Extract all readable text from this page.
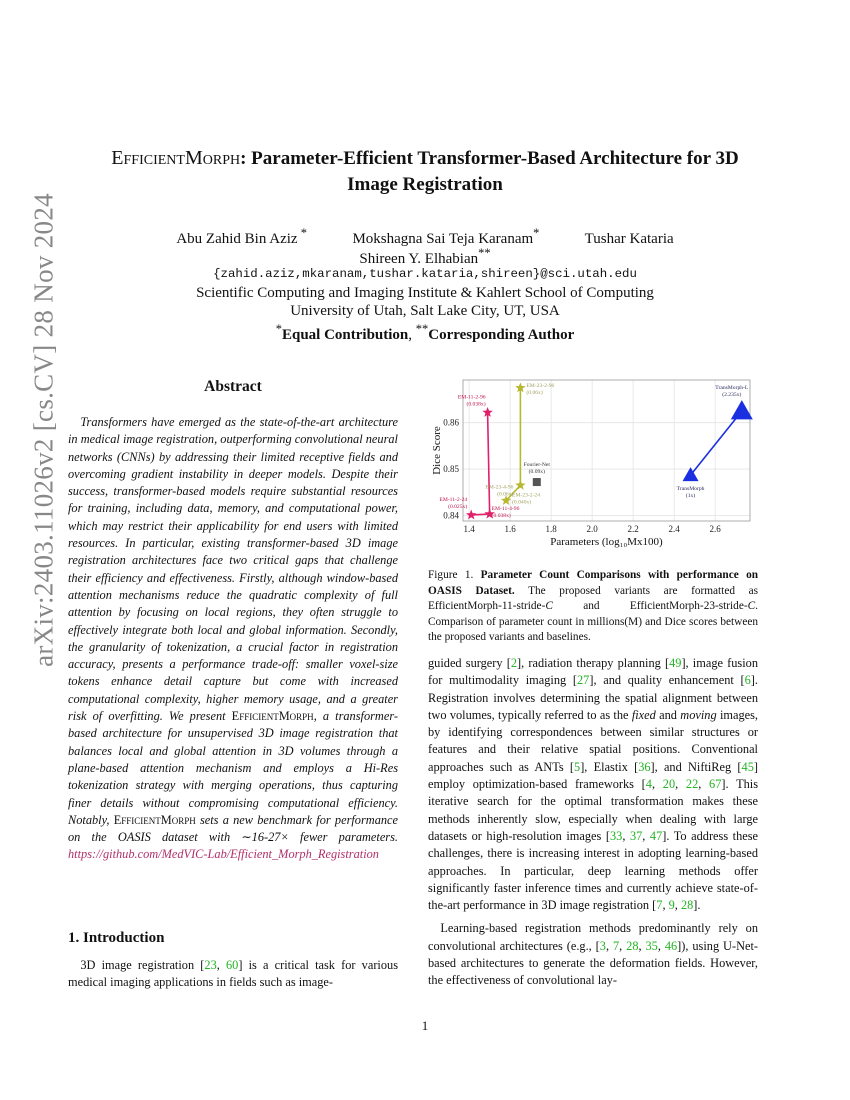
arXiv:2403.11026v2 [cs.CV] 28 Nov 2024
EfficientMorph: Parameter-Efficient Transformer-Based Architecture for 3D
Image Registration
Abu Zahid Bin Aziz *	Mokshagna Sai Teja Karanam*	Tushar Kataria
Shireen Y. Elhabian**
{zahid.aziz,mkaranam,tushar.kataria,shireen}@sci.utah.edu
Scientific Computing and Imaging Institute & Kahlert School of Computing
University of Utah, Salt Lake City, UT, USA
*Equal Contribution, **Corresponding Author
Abstract

Transformers have emerged as the state-of-the-art architecture in medical image registration, outperforming convolutional neural networks (CNNs) by addressing their limited receptive fields and overcoming gradient instability in deeper models. Despite their success, transformer-based models require substantial resources for training, including data, memory, and computational power, which may restrict their applicability for end users with limited resources. In particular, existing transformer-based 3D image registration architectures face two critical gaps that challenge their efficiency and effectiveness. Firstly, although window-based attention mechanisms reduce the quadratic complexity of full attention by focusing on local regions, they often struggle to effectively integrate both local and global information. Secondly, the granularity of tokenization, a crucial factor in registration accuracy, presents a performance trade-off: smaller voxel-size tokens enhance detail capture but come with increased computational complexity, higher memory usage, and a greater risk of overfitting. We present EfficientMorph, a transformer-based architecture for unsupervised 3D image registration that balances local and global attention in 3D volumes through a plane-based attention mechanism and employs a Hi-Res tokenization strategy with merging operations, thus capturing finer details without compromising computational efficiency. Notably, EfficientMorph sets a new benchmark for performance on the OASIS dataset with ∼16-27× fewer parameters. https://github.com/MedVIC-Lab/Efficient_Morph_Registration

1. Introduction

3D image registration [23, 60] is a critical task for various medical imaging applications in fields such as image-

1.4	1.6	1.8	2.0	2.2	2.4	2.6
0.84
0.85
0.86
Parameters (log₁₀Mx100)
Dice Score
EM-11-2-24
(0.025x)	EM-11-4-96
(0.038x)
EM-11-2-96
(0.038x)
EM-23-2-24
(0.040x)
EM-23-4-96
(0.06x)
EM-23-2-96
(0.06x)
TransMorph
(1x)
TransMorph-L
(2.235x)
Fourier-Net
(0.09x)

Figure 1. Parameter Count Comparisons with performance on OASIS Dataset. The proposed variants are formatted as EfficientMorph-11-stride-C and EfficientMorph-23-stride-C. Comparison of parameter count in millions(M) and Dice scores between the proposed variants and baselines.

guided surgery [2], radiation therapy planning [49], image fusion for multimodality imaging [27], and quality enhancement [6]. Registration involves determining the spatial alignment between two volumes, typically referred to as the fixed and moving images, by identifying correspondences between similar structures or features and their relative spatial positions. Conventional approaches such as ANTs [5], Elastix [36], and NiftiReg [45] employ optimization-based frameworks [4, 20, 22, 67]. This iterative search for the optimal transformation makes these methods inherently slow, especially when dealing with large datasets or high-resolution images [33, 37, 47]. To address these challenges, there is increasing interest in adopting learning-based approaches. In particular, deep learning methods offer significantly faster inference times and currently achieve state-of-the-art performance in 3D image registration [7, 9, 28].

Learning-based registration methods predominantly rely on convolutional architectures (e.g., [3, 7, 28, 35, 46]), using U-Net-based architectures to generate the deformation fields. However, the effectiveness of convolutional lay-

1
